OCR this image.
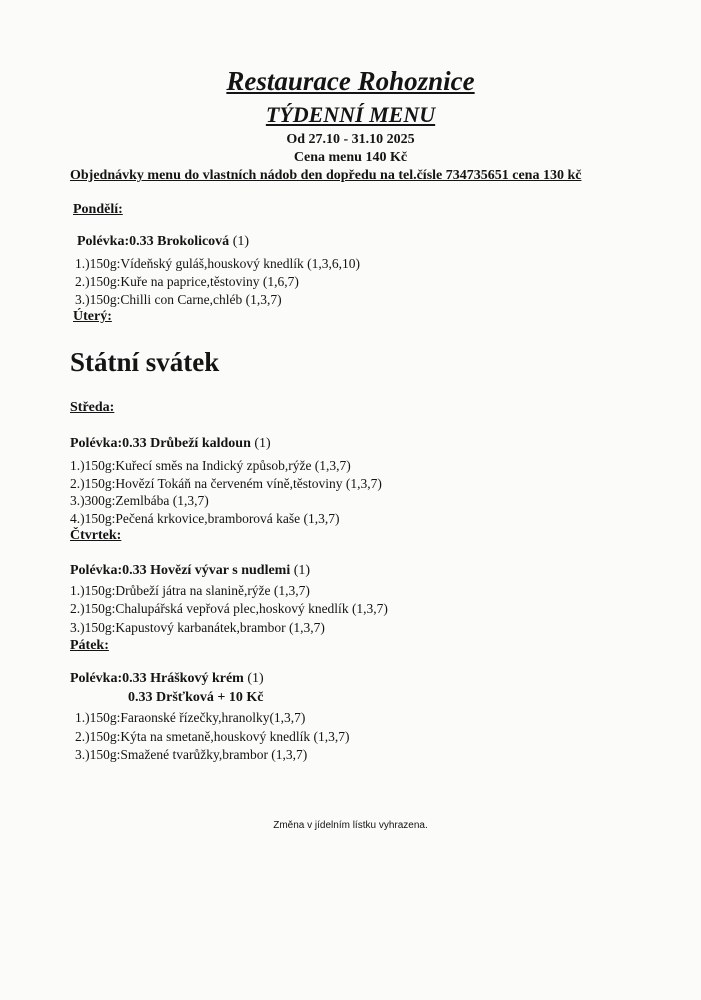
Restaurace Rohoznice
TÝDENNÍ MENU
Od 27.10 - 31.10 2025
Cena menu 140 Kč
Objednávky menu do vlastních nádob den dopředu na tel.čísle 734735651 cena 130 kč
Pondělí:
Polévka:0.33 Brokolicová (1)
1.)150g:Vídeňský guláš,houskový knedlík (1,3,6,10)
2.)150g:Kuře na paprice,těstoviny (1,6,7)
3.)150g:Chilli con Carne,chléb (1,3,7)
Úterý:
Státní svátek
Středa:
Polévka:0.33 Drůbeží kaldoun (1)
1.)150g:Kuřecí směs na Indický způsob,rýže (1,3,7)
2.)150g:Hovězí Tokáň na červeném víně,těstoviny (1,3,7)
3.)300g:Zemlbába (1,3,7)
4.)150g:Pečená krkovice,bramborová kaše (1,3,7)
Čtvrtek:
Polévka:0.33 Hovězí vývar s nudlemi (1)
1.)150g:Drůbeží játra na slanině,rýže (1,3,7)
2.)150g:Chalupářská vepřová plec,hoskový knedlík (1,3,7)
3.)150g:Kapustový karbanátek,brambor (1,3,7)
Pátek:
Polévka:0.33 Hráškový krém (1)
0.33 Dršťková + 10 Kč
1.)150g:Faraonské řízečky,hranolky(1,3,7)
2.)150g:Kýta na smetaně,houskový knedlík (1,3,7)
3.)150g:Smažené tvarůžky,brambor (1,3,7)
Změna v jídelním lístku vyhrazena.
